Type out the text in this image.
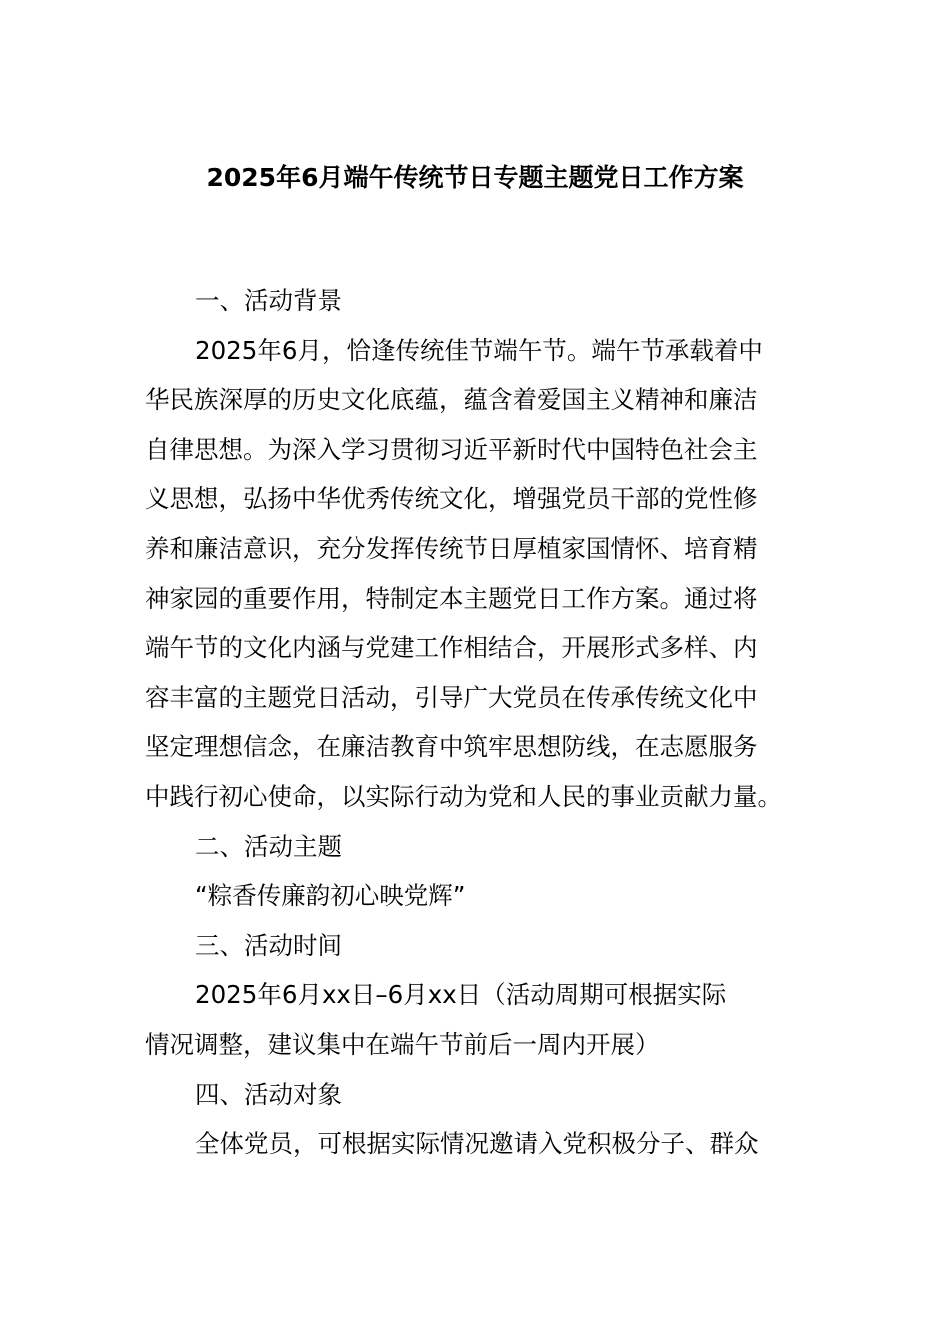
2025年6月端午传统节日专题主题党日工作方案
一、活动背景
2025年6月，恰逢传统佳节端午节。端午节承载着中
华民族深厚的历史文化底蕴，蕴含着爱国主义精神和廉洁
自律思想。为深入学习贯彻习近平新时代中国特色社会主
义思想，弘扬中华优秀传统文化，增强党员干部的党性修
养和廉洁意识，充分发挥传统节日厚植家国情怀、培育精
神家园的重要作用，特制定本主题党日工作方案。通过将
端午节的文化内涵与党建工作相结合，开展形式多样、内
容丰富的主题党日活动，引导广大党员在传承传统文化中
坚定理想信念，在廉洁教育中筑牢思想防线，在志愿服务
中践行初心使命，以实际行动为党和人民的事业贡献力量。
二、活动主题
“粽香传廉韵初心映党辉”
三、活动时间
2025年6月xx日–6月xx日（活动周期可根据实际
情况调整，建议集中在端午节前后一周内开展）
四、活动对象
全体党员，可根据实际情况邀请入党积极分子、群众
